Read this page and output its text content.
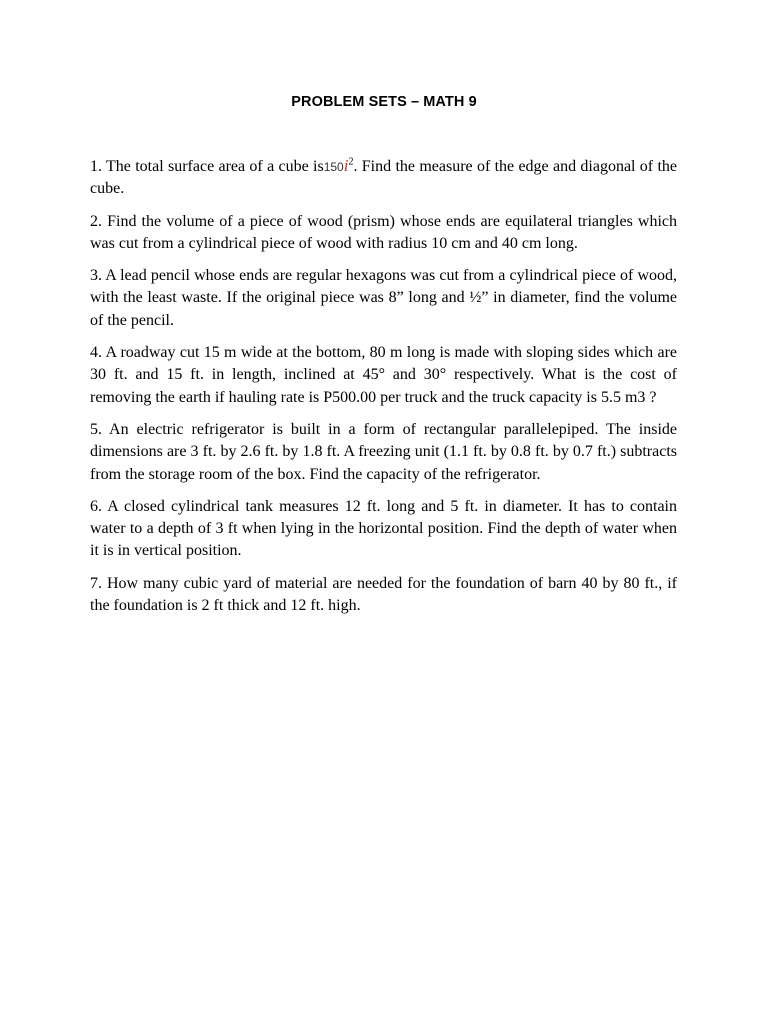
PROBLEM SETS – MATH 9

1. The total surface area of a cube $is150i^2$. Find the measure of the edge and diagonal of the cube.

2. Find the volume of a piece of wood (prism) whose ends are equilateral triangles which was cut from a cylindrical piece of wood with radius 10 cm and 40 cm long.

3. A lead pencil whose ends are regular hexagons was cut from a cylindrical piece of wood, with the least waste. If the original piece was 8” long and ½” in diameter, find the volume of the pencil.

4. A roadway cut 15 m wide at the bottom, 80 m long is made with sloping sides which are 30 ft. and 15 ft. in length, inclined at 45° and 30° respectively. What is the cost of removing the earth if hauling rate is P500.00 per truck and the truck capacity is 5.5 m3 ?

5. An electric refrigerator is built in a form of rectangular parallelepiped. The inside dimensions are 3 ft. by 2.6 ft. by 1.8 ft. A freezing unit (1.1 ft. by 0.8 ft. by 0.7 ft.) subtracts from the storage room of the box. Find the capacity of the refrigerator.

6. A closed cylindrical tank measures 12 ft. long and 5 ft. in diameter. It has to contain water to a depth of 3 ft when lying in the horizontal position. Find the depth of water when it is in vertical position.

7. How many cubic yard of material are needed for the foundation of barn 40 by 80 ft., if the foundation is 2 ft thick and 12 ft. high.
